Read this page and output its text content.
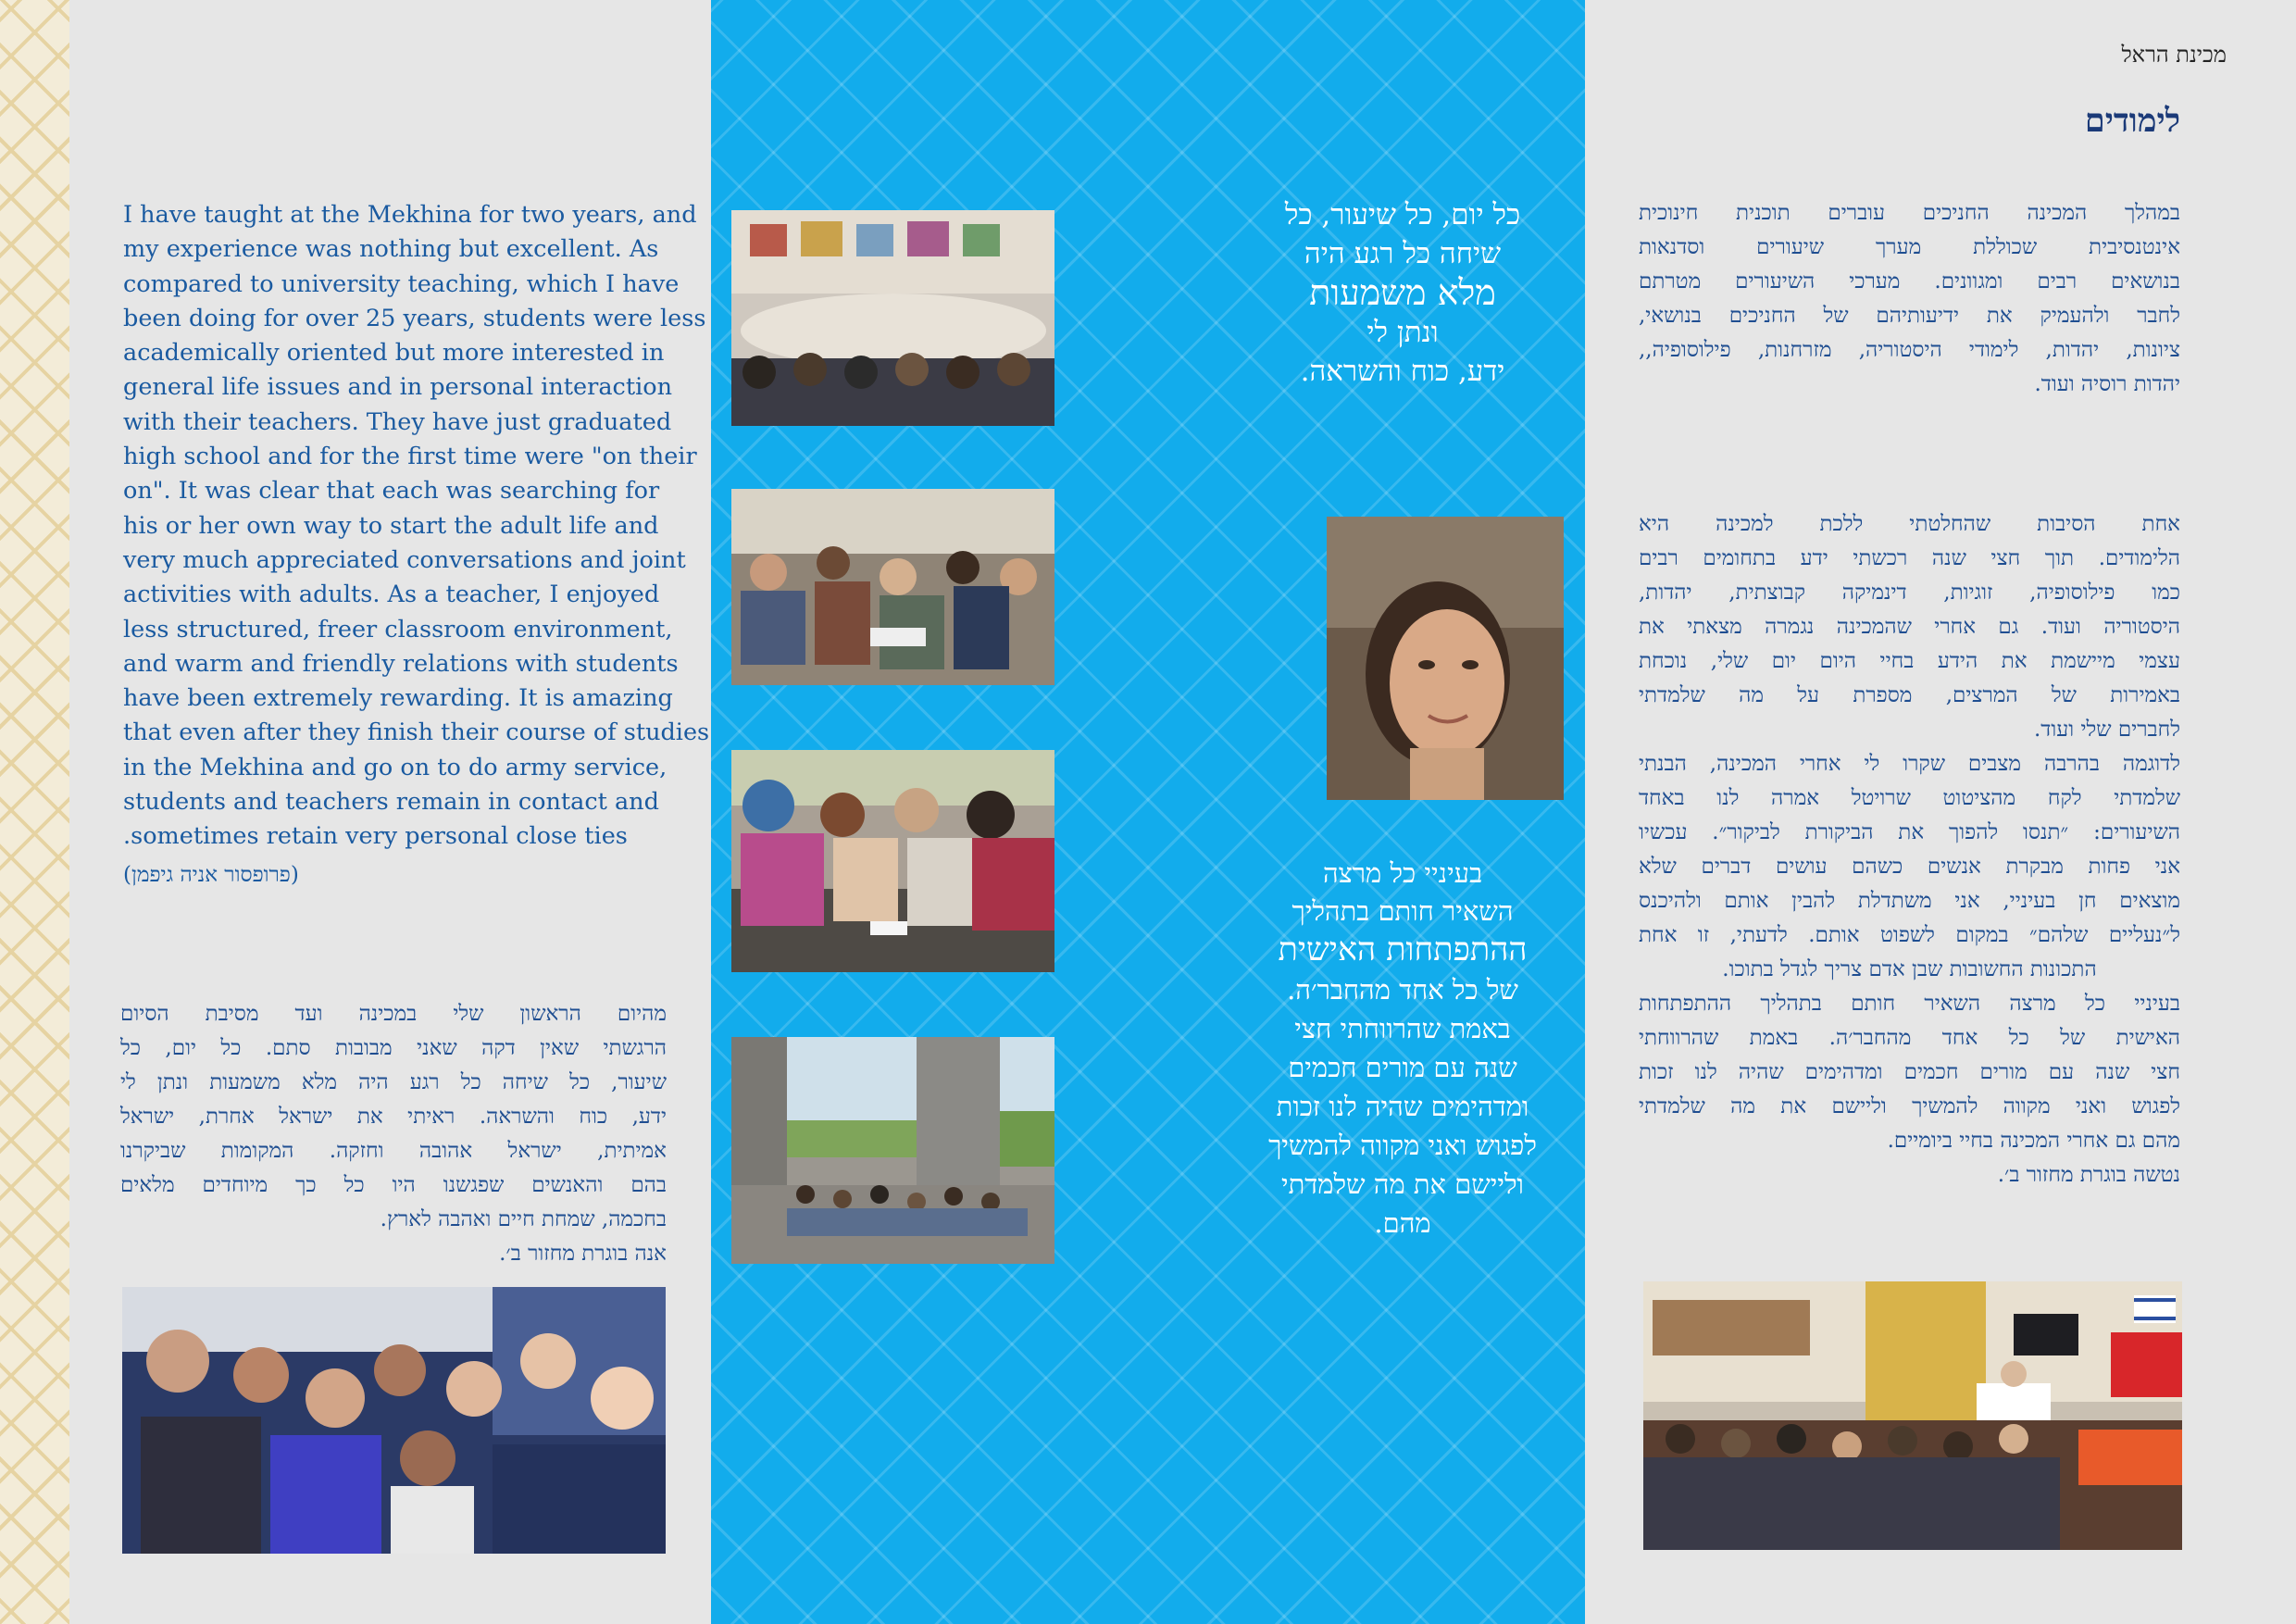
מכינת הראל
לימודים
I have taught at the Mekhina for two years, and
my experience was nothing but excellent. As
compared to university teaching, which I have
been doing for over 25 years, students were less
academically oriented but more interested in
general life issues and in personal interaction
with their teachers. They have just graduated
high school and for the first time were "on their
on". It was clear that each was searching for
his or her own way to start the adult life and
very much appreciated conversations and joint
activities with adults. As a teacher, I enjoyed
less structured, freer classroom environment,
and warm and friendly relations with students
have been extremely rewarding. It is amazing
that even after they finish their course of studies
in the Mekhina and go on to do army service,
students and teachers remain in contact and
.sometimes retain very personal close ties
(פרופסור אניה גיפמן)
מהיום הראשון שלי במכינה ועד מסיבת הסיום
הרגשתי שאין דקה שאני מבובות סתם. כל יום, כל
שיעור, כל שיחה כל רגע היה מלא משמעות ונתן לי
ידע, כוח והשראה. ראיתי את ישראל אחרת, ישראל
אמיתית, ישראל אהובה וחזקה. המקומות שביקרנו
בהם והאנשים שפגשנו היו כל כך מיוחדים מלאים
בחכמה, שמחת חיים ואהבה לארץ.
אנה בוגרת מחזור ב׳.
כל יום, כל שיעור, כל
שיחה כל רגע היה
מלא משמעות
ונתן לי
ידע, כוח והשראה.
בעיניי כל מרצה
השאיר חותם בתהליך
ההתפתחות האישית
של כל אחד מהחבר׳ה.
באמת שהרווחתי חצי
שנה עם מורים חכמים
ומדהימים שהיה לנו זכות
לפגוש ואני מקווה להמשיך
וליישם את מה שלמדתי
מהם.
במהלך המכינה החניכים עוברים תוכנית חינוכית
אינטנסיבית שכוללת מערך שיעורים וסדנאות
בנושאים רבים ומגוונים. מערכי השיעורים מטרתם
לחבר ולהעמיק את ידיעותיהם של החניכים בנושאי,
ציונות, יהדות, לימודי היסטוריה, מזרחנות, פילוסופיה,,
יהדות רוסיה ועוד.
אחת הסיבות שהחלטתי ללכת למכינה היא
הלימודים. תוך חצי שנה רכשתי ידע בתחומים רבים
כמו פילוסופיה, זוגיות, דינמיקה קבוצתית, יהדות,
היסטוריה ועוד. גם אחרי שהמכינה נגמרה מצאתי את
עצמי מיישמת את הידע בחיי היום יום שלי, נוכחת
באמירות של המרצים, מספרת על מה שלמדתי
לחברים שלי ועוד.
לדוגמה בהרבה מצבים שקרו לי אחרי המכינה, הבנתי
שלמדתי לקח מהציטוט שרויטל אמרה לנו באחד
השיעורים: ״תנסו להפוך את הביקורת לביקור״. עכשיו
אני פחות מבקרת אנשים כשהם עושים דברים שלא
מוצאים חן בעיניי, אני משתדלת להבין אותם ולהיכנס
ל״נעליים שלהם״ במקום לשפוט אותם. לדעתי, זו אחת
התכונות החשובות שבן אדם צריך לגדל בתוכו.
בעיניי כל מרצה השאיר חותם בתהליך ההתפתחות
האישית של כל אחד מהחבר׳ה. באמת שהרווחתי
חצי שנה עם מורים חכמים ומדהימים שהיה לנו זכות
לפגוש ואני מקווה להמשיך וליישם את מה שלמדתי
מהם גם אחרי המכינה בחיי ביומיים.
נטשה בוגרת מחזור ב׳.
